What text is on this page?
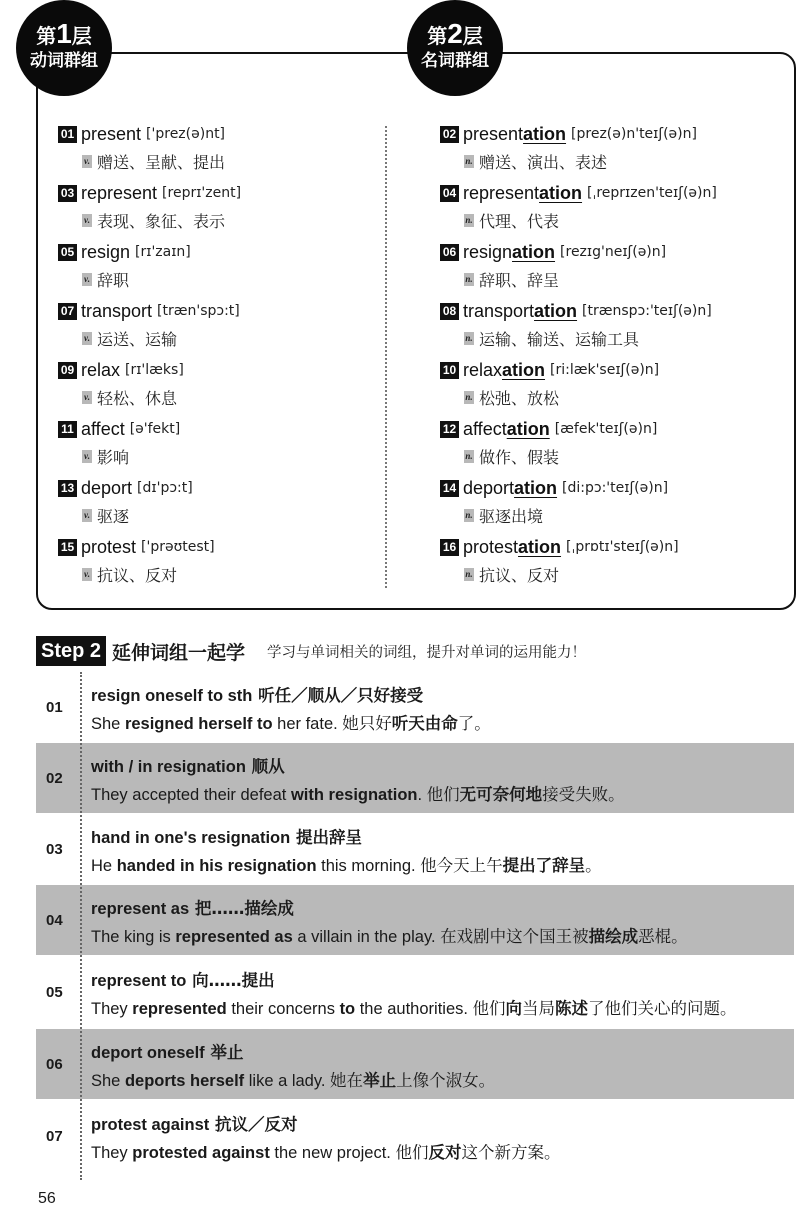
第1层
动词群组
第2层
名词群组
01 present ['prez(ə)nt]
v. 赠送、呈献、提出
03 represent [reprɪ'zent]
v. 表现、象征、表示
05 resign [rɪ'zaɪn]
v. 辞职
07 transport [træn'spɔ:t]
v. 运送、运输
09 relax [rɪ'læks]
v. 轻松、休息
11 affect [ə'fekt]
v. 影响
13 deport [dɪ'pɔ:t]
v. 驱逐
15 protest ['prəʊtest]
v. 抗议、反对
02 presentation [prez(ə)n'teɪʃ(ə)n]
n. 赠送、演出、表述
04 representation [ˌreprɪzen'teɪʃ(ə)n]
n. 代理、代表
06 resignation [rezɪg'neɪʃ(ə)n]
n. 辞职、辞呈
08 transportation [trænspɔ:'teɪʃ(ə)n]
n. 运输、输送、运输工具
10 relaxation [ri:læk'seɪʃ(ə)n]
n. 松弛、放松
12 affectation [æfek'teɪʃ(ə)n]
n. 做作、假装
14 deportation [di:pɔ:'teɪʃ(ə)n]
n. 驱逐出境
16 protestation [ˌprɒtɪ'steɪʃ(ə)n]
n. 抗议、反对
Step 2 延伸词组一起学 学习与单词相关的词组，提升对单词的运用能力！
01
resign oneself to sth 听任／顺从／只好接受
She resigned herself to her fate. 她只好听天由命了。
02
with / in resignation 顺从
They accepted their defeat with resignation. 他们无可奈何地接受失败。
03
hand in one's resignation 提出辞呈
He handed in his resignation this morning. 他今天上午提出了辞呈。
04
represent as 把……描绘成
The king is represented as a villain in the play. 在戏剧中这个国王被描绘成恶棍。
05
represent to 向……提出
They represented their concerns to the authorities. 他们向当局陈述了他们关心的问题。
06
deport oneself 举止
She deports herself like a lady. 她在举止上像个淑女。
07
protest against 抗议／反对
They protested against the new project. 他们反对这个新方案。
56
